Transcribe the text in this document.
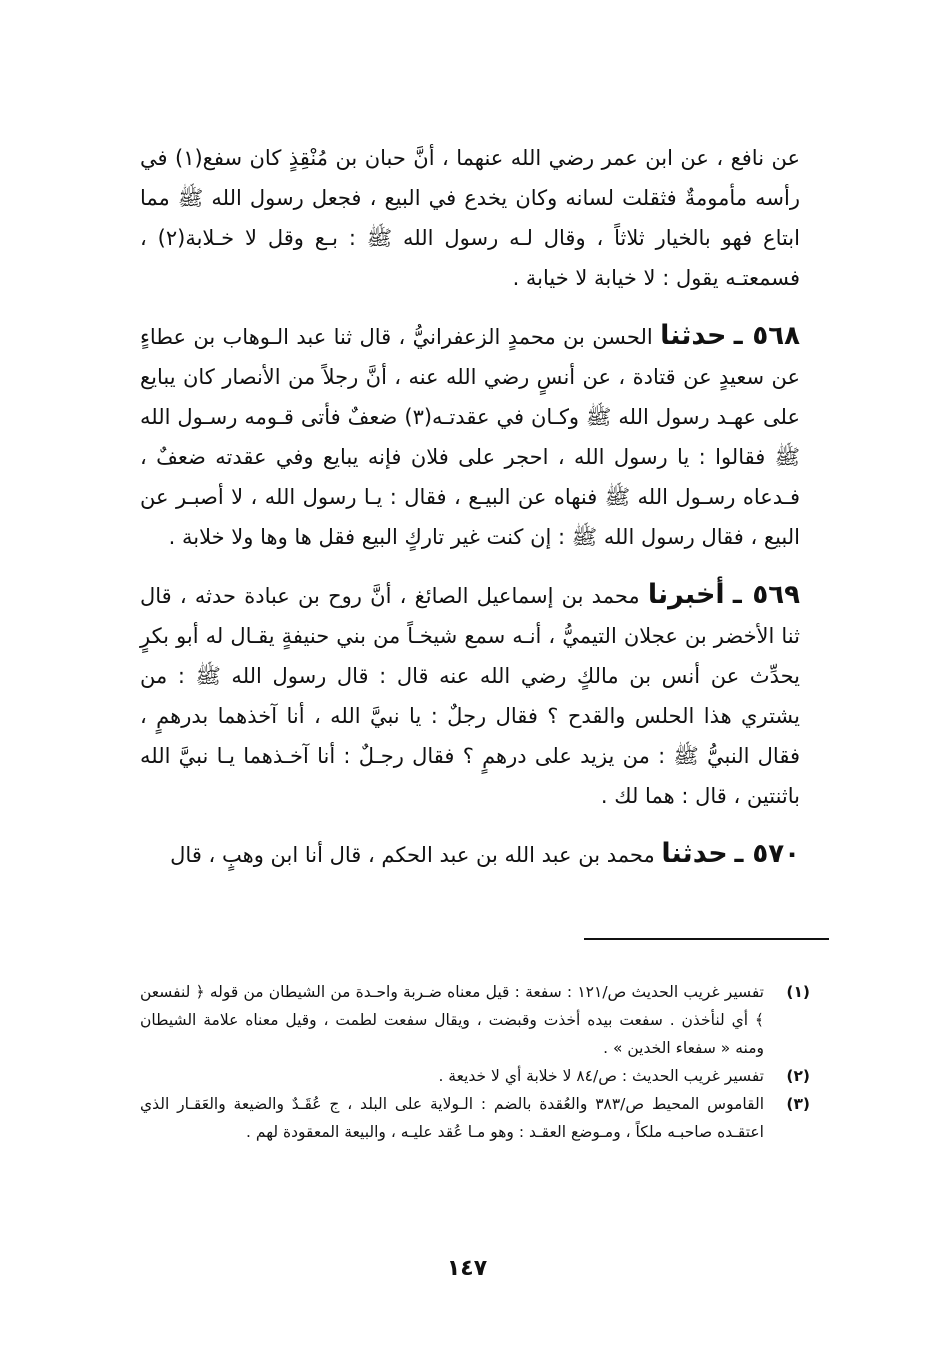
عن نافع ، عن ابن عمر رضي الله عنهما ، أنَّ حبان بن مُنْقِذٍ كان سفع(١) في رأسه مأمومةٌ فثقلت لسانه وكان يخدع في البيع ، فجعل رسول الله ﷺ مما ابتاع فهو بالخيار ثلاثاً ، وقال لـه رسول الله ﷺ : بـع وقل لا خـلابة(٢) ، فسمعتـه يقول : لا خيابة لا خيابة .

٥٦٨ ـ حدثنا الحسن بن محمدٍ الزعفرانيُّ ، قال ثنا عبد الـوهاب بن عطاءٍ عن سعيدٍ عن قتادة ، عن أنسٍ رضي الله عنه ، أنَّ رجلاً من الأنصار كان يبايع على عهـد رسول الله ﷺ وكـان في عقدتـه(٣) ضعفٌ فأتى قـومه رسـول الله ﷺ فقالوا : يا رسول الله ، احجر على فلان فإنه يبايع وفي عقدته ضعفٌ ، فـدعاه رسـول الله ﷺ فنهاه عن البيـع ، فقال : يـا رسول الله ، لا أصبـر عن البيع ، فقال رسول الله ﷺ : إن كنت غير تاركٍ البيع فقل ها وها ولا خلابة .

٥٦٩ ـ أخبرنا محمد بن إسماعيل الصائغ ، أنَّ روح بن عبادة حدثه ، قال ثنا الأخضر بن عجلان التيميُّ ، أنـه سمع شيخـاً من بني حنيفةٍ يقـال له أبو بكرٍ يحدِّث عن أنس بن مالكٍ رضي الله عنه قال : قال رسول الله ﷺ : من يشتري هذا الحلس والقدح ؟ فقال رجلٌ : يا نبيَّ الله ، أنا آخذهما بدرهمٍ ، فقال النبيُّ ﷺ : من يزيد على درهمٍ ؟ فقال رجـلٌ : أنا آخـذهما يـا نبيَّ الله باثنتين ، قال : هما لك .

٥٧٠ ـ حدثنا محمد بن عبد الله بن عبد الحكم ، قال أنا ابن وهبٍ ، قال

(١)
تفسير غريب الحديث ص/١٢١ : سفعة : قيل معناه ضـربة واحـدة من الشيطان من قوله ﴿ لنفسعن ﴾ أي لنأخذن . سفعت بيده أخذت وقبضت ، ويقال سفعت لطمت ، وقيل معناه علامة الشيطان ومنه « سفعاء الخدين » .
(٢)
تفسير غريب الحديث : ص/٨٤ لا خلابة أي لا خديعة .
(٣)
القاموس المحيط ص/٣٨٣ والعُقدة بالضم : الـولاية على البلد ، ج عُقَـدٌ والضيعة والعَقـار الذي اعتقـده صاحبـه ملكاً ، ومـوضع العقـد : وهو مـا عُقد عليـه ، والبيعة المعقودة لهم .
١٤٧
